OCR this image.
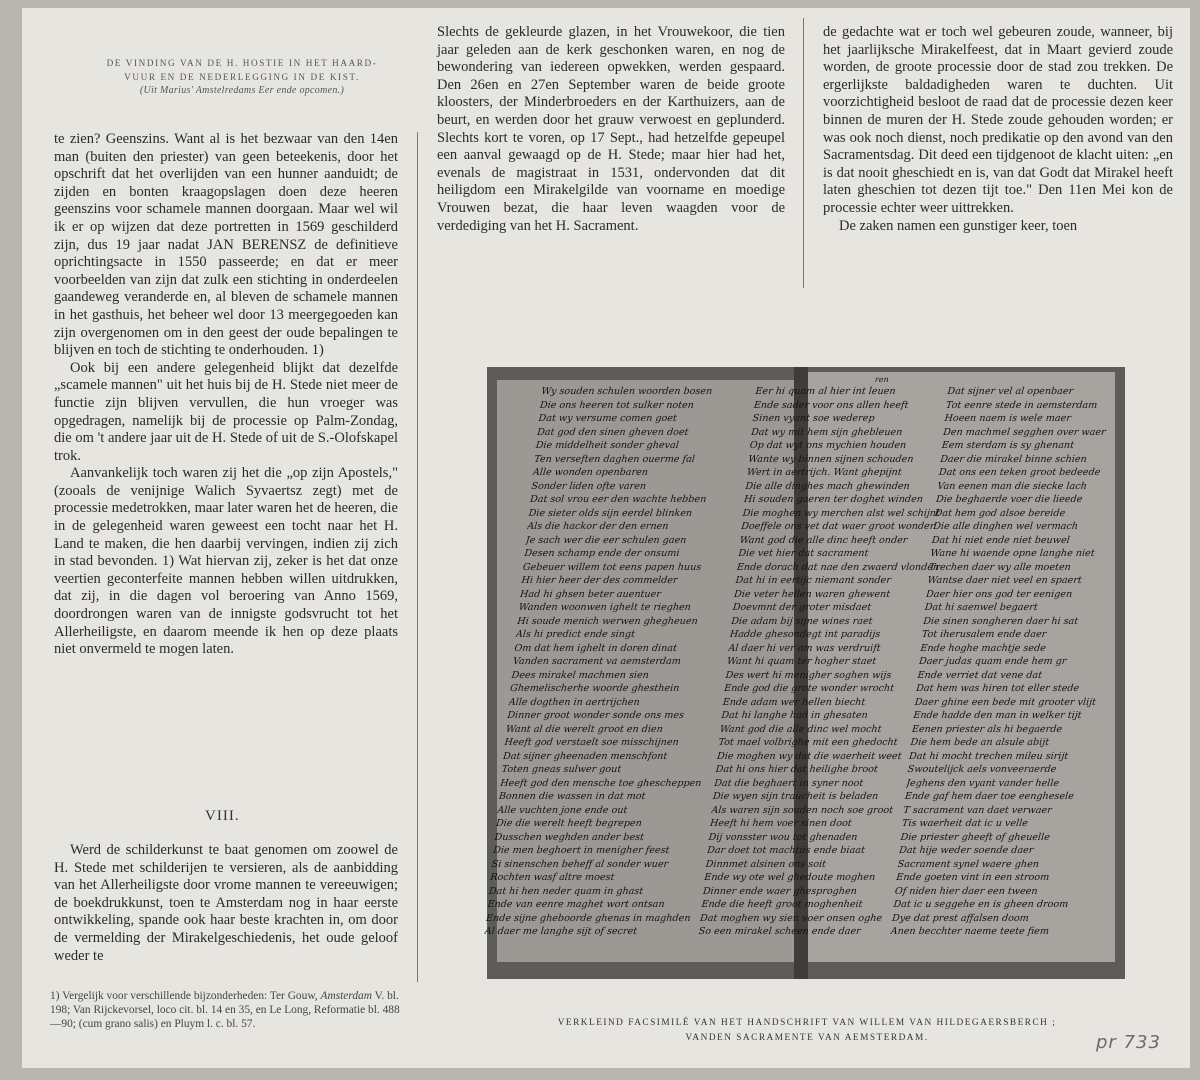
DE VINDING VAN DE H. HOSTIE IN HET HAARD-
VUUR EN DE NEDERLEGGING IN DE KIST.
(Uit Marius' Amstelredams Eer ende opcomen.)

te zien? Geenszins. Want al is het bezwaar van den 14en man (buiten den priester) van geen beteekenis, door het opschrift dat het overlijden van een hunner aanduidt; de zijden en bonten kraagopslagen doen deze heeren geenszins voor schamele mannen doorgaan. Maar wel wil ik er op wijzen dat deze portretten in 1569 geschilderd zijn, dus 19 jaar nadat JAN BERENSZ de definitieve oprichtingsacte in 1550 passeerde; en dat er meer voorbeelden van zijn dat zulk een stichting in onderdeelen gaandeweg veranderde en, al bleven de schamele mannen in het gasthuis, het beheer wel door 13 meergegoeden kan zijn overgenomen om in den geest der oude bepalingen te blijven en toch de stichting te onderhouden. 1)

Ook bij een andere gelegenheid blijkt dat dezelfde „scamele mannen" uit het huis bij de H. Stede niet meer de functie zijn blijven vervullen, die hun vroeger was opgedragen, namelijk bij de processie op Palm-Zondag, die om 't andere jaar uit de H. Stede of uit de S.-Olofskapel trok.

Aanvankelijk toch waren zij het die „op zijn Apostels," (zooals de venijnige Walich Syvaertsz zegt) met de processie medetrokken, maar later waren het de heeren, die in de gelegenheid waren geweest een tocht naar het H. Land te maken, die hen daarbij vervingen, indien zij zich in stad bevonden. 1) Wat hiervan zij, zeker is het dat onze veertien geconterfeite mannen hebben willen uitdrukken, dat zij, in die dagen vol beroering van Anno 1569, doordrongen waren van de innigste godsvrucht tot het Allerheiligste, en daarom meende ik hen op deze plaats niet onvermeld te mogen laten.

VIII.

Werd de schilderkunst te baat genomen om zoowel de H. Stede met schilderijen te versieren, als de aanbidding van het Allerheiligste door vrome mannen te vereeuwigen; de boekdrukkunst, toen te Amsterdam nog in haar eerste ontwikkeling, spande ook haar beste krachten in, om door de vermelding der Mirakelgeschiedenis, het oude geloof weder te

1) Vergelijk voor verschillende bijzonderheden: Ter Gouw, Amsterdam V. bl. 198; Van Rijckevorsel, loco cit. bl. 14 en 35, en Le Long, Reformatie bl. 488—90; (cum grano salis) en Pluym l. c. bl. 57.

Slechts de gekleurde glazen, in het Vrouwekoor, die tien jaar geleden aan de kerk geschonken waren, en nog de bewondering van iedereen opwekken, werden gespaard. Den 26en en 27en September waren de beide groote kloosters, der Minderbroeders en der Karthuizers, aan de beurt, en werden door het grauw verwoest en geplunderd. Slechts kort te voren, op 17 Sept., had hetzelfde gepeupel een aanval gewaagd op de H. Stede; maar hier had het, evenals de magistraat in 1531, ondervonden dat dit heiligdom een Mirakelgilde van voorname en moedige Vrouwen bezat, die haar leven waagden voor de verdediging van het H. Sacrament.

de gedachte wat er toch wel gebeuren zoude, wanneer, bij het jaarlijksche Mirakelfeest, dat in Maart gevierd zoude worden, de groote processie door de stad zou trekken. De ergerlijkste baldadigheden waren te duchten. Uit voorzichtigheid besloot de raad dat de processie dezen keer binnen de muren der H. Stede zoude gehouden worden; er was ook noch dienst, noch predikatie op den avond van den Sacramentsdag. Dit deed een tijdgenoot de klacht uiten: „en is dat nooit gheschiedt en is, van dat Godt dat Mirakel heeft laten gheschien tot dezen tijt toe." Den 11en Mei kon de processie echter weer uittrekken.

De zaken namen een gunstiger keer, toen

ren
Wy souden schulen woorden bosen
Die ons heeren tot sulker noten
Dat wy versume comen goet
Dat god den sinen gheven doet
Die middelheit sonder gheval
Ten verseften daghen ouerme fal
Alle wonden openbaren
Sonder liden ofte varen
Dat sol vrou eer den wachte hebben
Die sieter olds sijn eerdel blinken
Als die hackor der den ernen
Je sach wer die eer schulen gaen
Desen schamp ende der onsumi
Gebeuer willem tot eens papen huus
Hi hier heer der des commelder
Had hi ghsen beter auentuer
Wanden woonwen ighelt te rieghen
Hi soude menich werwen ghegheuen
Als hi predict ende singt
Om dat hem ighelt in doren dinat
Vanden sacrament va aemsterdam
Dees mirakel machmen sien
Ghemelischerhe woorde ghesthein
Alle dogthen in aertrijchen
Dinner groot wonder sonde ons mes
Want al die werelt groot en dien
Heeft god verstaelt soe misschijnen
Dat sijner gheenaden menschfont
Toten gneas sulwer gout
Heeft god den mensche toe ghescheppen
Bonnen die wassen in dat mot
Alle vuchten jone ende out
Die die werelt heeft begrepen
Dusschen weghden ander best
Die men beghoert in menigher feest
Si sinenschen beheff al sonder wuer
Rochten wasf altre moest
Dat hi hen neder quam in ghast
Ende van eenre maghet wort ontsan
Ende sijne gheboorde ghenas in maghden
Al daer me langhe sijt of secret
Eer hi quam al hier int leuen
Ende sader voor ons allen heeft
Sinen vyant soe wederep
Dat wy mit hem sijn ghebleuen
Op dat wyt ons mychien houden
Wante wy binnen sijnen schouden
Wert in aertrijch. Want ghepijnt
Die alle dinghes mach ghewinden
Hi souden gaeren ter doghet winden
Die moghen wy merchen alst wel schijnt
Doeffele ons vet dat waer groot wonder
Want god die alle dinc heeft onder
Die vet hier dat sacrament
Ende dorach dat nae den zwaerd vlonden
Dat hi in eertijc niemant sonder
Die veter hellen waren ghewent
Doevmnt der groter misdaet
Die adam bij sijne wines raet
Hadde ghesondegt int paradijs
Al daer hi ver om was verdruift
Want hi quam ter hogher staet
Des wert hi menigher soghen wijs
Ende god die grote wonder wrocht
Ende adam wer hellen biecht
Dat hi langhe had in ghesaten
Want god die alle dinc wel mocht
Tot mael volbrighe mit een ghedocht
Die moghen wy dat die waerheit weet
Dat hi ons hier dat heilighe broot
Dat die beghaert in syner noot
Die wyen sijn traucheit is beladen
Als waren sijn souden noch soe groot
Heeft hi hem voer sinen doot
Dij vonsster wou tot ghenaden
Dar doet tot machtiis ende biaat
Dinnmet alsinen ons soit
Ende wy ote wel ghedoute moghen
Dinner ende waer ghesproghen
Ende die heeft groot moghenheit
Dat moghen wy sien voer onsen oghe
So een mirakel scheen ende daer
Dat sijner vel al openbaer
Tot eenre stede in aemsterdam
Hoeen naem is wele maer
Den machmel segghen over waer
Eem sterdam is sy ghenant
Daer die mirakel binne schien
Dat ons een teken groot bedeede
Van eenen man die siecke lach
Die beghaerde voer die lieede
Dat hem god alsoe bereide
Die alle dinghen wel vermach
Dat hi niet ende niet beuwel
Wane hi waende opne langhe niet
Trechen daer wy alle moeten
Wantse daer niet veel en spaert
Daer hier ons god ter eenigen
Dat hi saenwel begaert
Die sinen songheren daer hi sat
Tot iherusalem ende daer
Ende hoghe machtje sede
Daer judas quam ende hem gr
Ende verriet dat vene dat
Dat hem was hiren tot eller stede
Daer ghine een bede mit grooter vlijt
Ende hadde den man in welker tijt
Eenen priester als hi begaerde
Die hem bede an alsule abijt
Dat hi mocht trechen mileu sirijt
Swoutelijck aels vonveeraerde
Jeghens den vyant vander helle
Ende gaf hem daer toe eenghesele
T sacrament van daet verwaer
Tis waerheit dat ic u velle
Die priester gheeft of gheuelle
Dat hije weder soende daer
Sacrament synel waere ghen
Ende goeten vint in een stroom
Of niden hier daer een tween
Dat ic u seggehe en is gheen droom
Dye dat prest affalsen doom
Anen becchter naeme teete fiem
VERKLEIND FACSIMILÉ VAN HET HANDSCHRIFT VAN WILLEM VAN HILDEGAERSBERCH ;
VANDEN SACRAMENTE VAN AEMSTERDAM.	pr 733
